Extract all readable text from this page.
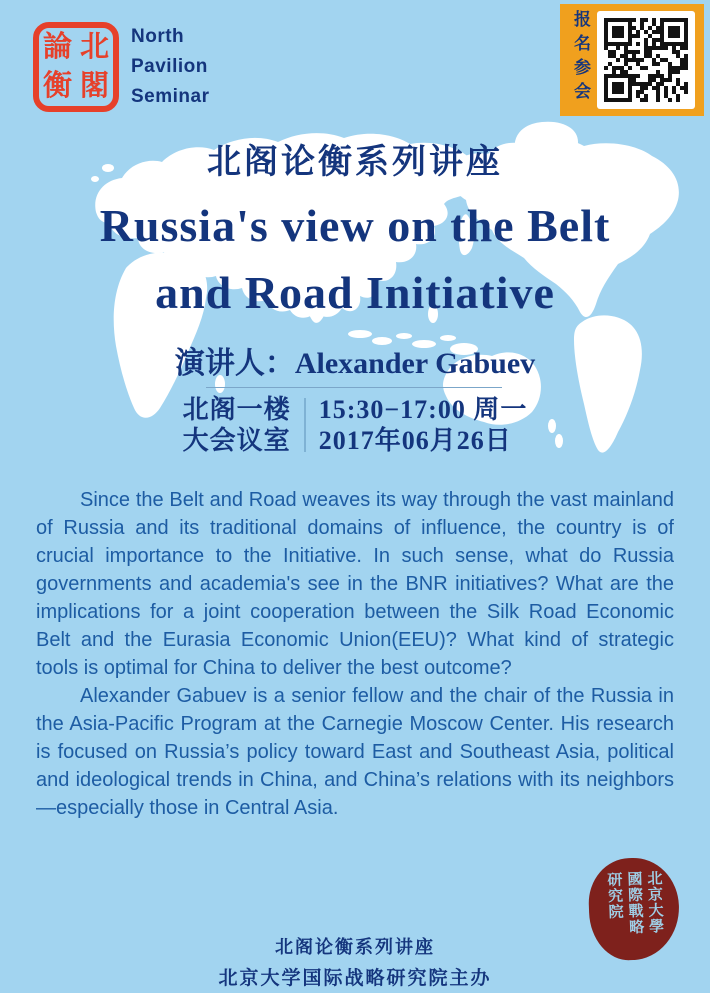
論 北
衡 閣
North
Pavilion
Seminar	报名参会
北阁论衡系列讲座
Russia's view on the Belt
and Road Initiative
演讲人：Alexander Gabuev
北阁一楼
大会议室
15:30−17:00 周一
2017年06月26日

Since the Belt and Road weaves its way through the vast mainland of Russia and its traditional domains of influence, the country is of crucial importance to the Initiative. In such sense, what do Russia governments and academia's see in the BNR initiatives? What are the implications for a joint cooperation between the Silk Road Economic Belt and the Eurasia Economic Union(EEU)? What kind of strategic tools is optimal for China to deliver the best outcome?

Alexander Gabuev is a senior fellow and the chair of the Russia in the Asia-Pacific Program at the Carnegie Moscow Center. His research is focused on Russia’s policy toward East and Southeast Asia, political and ideological trends in China, and China’s relations with its neighbors—especially those in Central Asia.

北京大學
國際戰略
研究院
北阁论衡系列讲座
北京大学国际战略研究院主办
